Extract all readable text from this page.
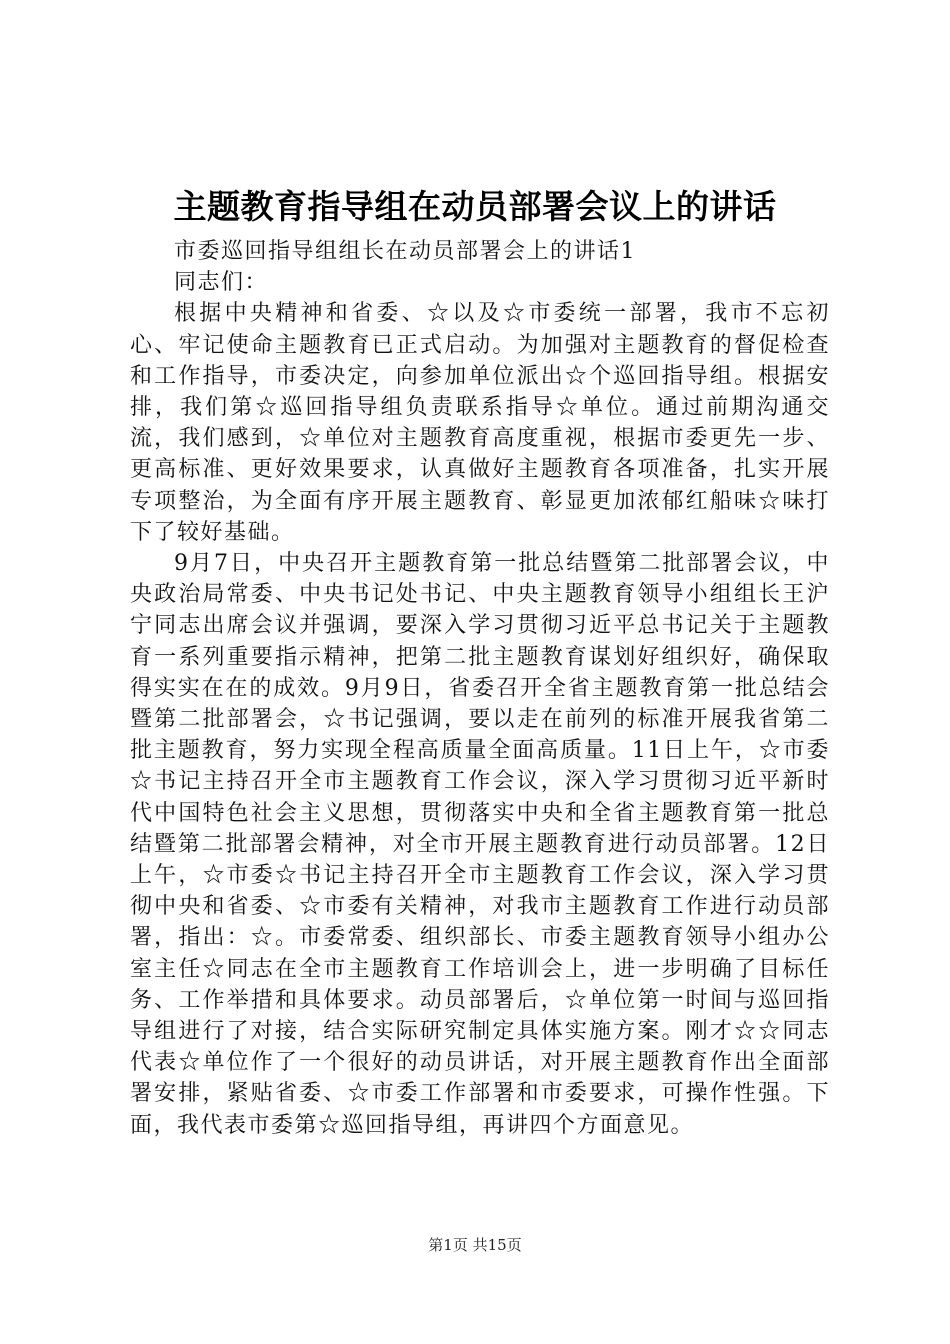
主题教育指导组在动员部署会议上的讲话

市委巡回指导组组长在动员部署会上的讲话1

同志们：

根据中央精神和省委、☆以及☆市委统一部署，我市不忘初心、牢记使命主题教育已正式启动。为加强对主题教育的督促检查和工作指导，市委决定，向参加单位派出☆个巡回指导组。根据安排，我们第☆巡回指导组负责联系指导☆单位。通过前期沟通交流，我们感到，☆单位对主题教育高度重视，根据市委更先一步、更高标准、更好效果要求，认真做好主题教育各项准备，扎实开展专项整治，为全面有序开展主题教育、彰显更加浓郁红船味☆味打下了较好基础。

9月7日，中央召开主题教育第一批总结暨第二批部署会议，中央政治局常委、中央书记处书记、中央主题教育领导小组组长王沪宁同志出席会议并强调，要深入学习贯彻习近平总书记关于主题教育一系列重要指示精神，把第二批主题教育谋划好组织好，确保取得实实在在的成效。9月9日，省委召开全省主题教育第一批总结会暨第二批部署会，☆书记强调，要以走在前列的标准开展我省第二批主题教育，努力实现全程高质量全面高质量。11日上午，☆市委☆书记主持召开全市主题教育工作会议，深入学习贯彻习近平新时代中国特色社会主义思想，贯彻落实中央和全省主题教育第一批总结暨第二批部署会精神，对全市开展主题教育进行动员部署。12日上午，☆市委☆书记主持召开全市主题教育工作会议，深入学习贯彻中央和省委、☆市委有关精神，对我市主题教育工作进行动员部署，指出：☆。市委常委、组织部长、市委主题教育领导小组办公室主任☆同志在全市主题教育工作培训会上，进一步明确了目标任务、工作举措和具体要求。动员部署后，☆单位第一时间与巡回指导组进行了对接，结合实际研究制定具体实施方案。刚才☆☆同志代表☆单位作了一个很好的动员讲话，对开展主题教育作出全面部署安排，紧贴省委、☆市委工作部署和市委要求，可操作性强。下面，我代表市委第☆巡回指导组，再讲四个方面意见。

第1页 共15页
